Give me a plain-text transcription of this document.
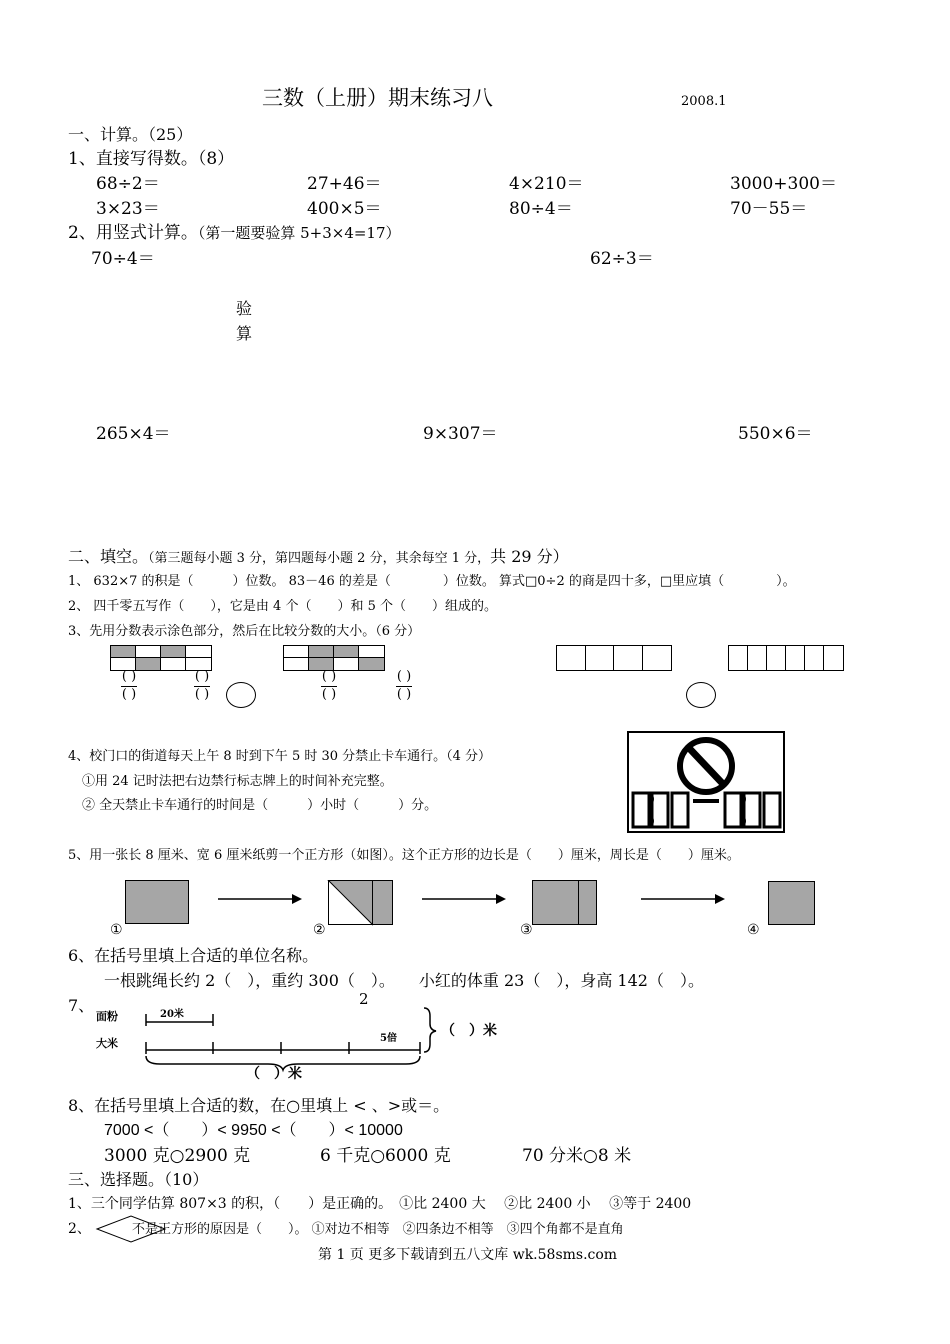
三数（上册）期末练习八	2008.1
一、计算。（25）
1、直接写得数。（8）
68÷2＝	27+46＝	4×210＝	3000+300＝
3×23＝	400×5＝	80÷4＝	70－55＝
2、用竖式计算。（第一题要验算 5+3×4=17）
70÷4＝	62÷3＝
验
算
265×4＝	9×307＝	550×6＝
二、填空。（第三题每小题 3 分，第四题每小题 2 分，其余每空 1 分，共 29 分）
1、 632×7 的积是（　　　）位数。 83－46 的差是（　　　　）位数。 算式□0÷2 的商是四十多，□里应填（　　　　）。
2、 四千零五写作（　　），它是由 4 个（　　）和 5 个（　　）组成的。
3、先用分数表示涂色部分，然后在比较分数的大小。（6 分）
( )
( )
( )
( )
( )
( )
( )
( )
4、校门口的街道每天上午 8 时到下午 5 时 30 分禁止卡车通行。（4 分）
①用 24 记时法把右边禁行标志牌上的时间补充完整。
② 全天禁止卡车通行的时间是（　　　）小时（　　　）分。
5、用一张长 8 厘米、宽 6 厘米纸剪一个正方形（如图）。这个正方形的边长是（　　）厘米，周长是（　　）厘米。
①	②	③	④
6、在括号里填上合适的单位名称。
一根跳绳长约 2（　），重约 300（　）。　　小红的体重 23（　），身高 142（　）。
7、	2
面粉
大米
20米
5倍	（　）米
（　）米
8、在括号里填上合适的数，在○里填上 < 、>或＝。
7000 <（　　）< 9950 <（　　）< 10000
3000 克○2900 克	6 千克○6000 克	70 分米○8 米
三、选择题。（10）
1、三个同学估算 807×3 的积，（　　）是正确的。　①比 2400 大　 ②比 2400 小　 ③等于 2400
2、	不是正方形的原因是（　　）。 ①对边不相等　②四条边不相等　③四个角都不是直角
第 1 页 更多下载请到五八文库 wk.58sms.com
